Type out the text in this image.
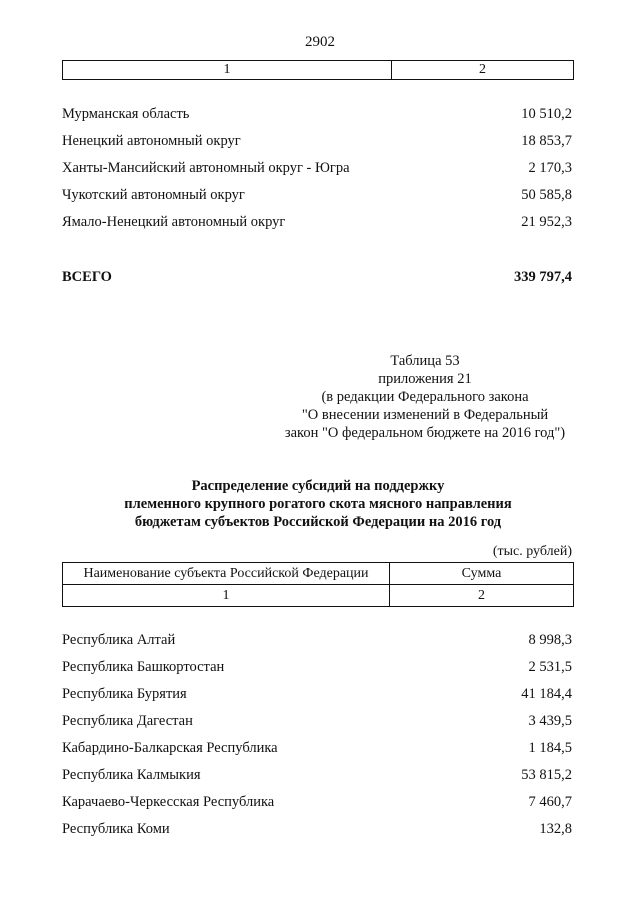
2902
1	2
Мурманская область	10 510,2
Ненецкий автономный округ	18 853,7
Ханты-Мансийский автономный округ - Югра	2 170,3
Чукотский автономный округ	50 585,8
Ямало-Ненецкий автономный округ	21 952,3
ВСЕГО	339 797,4
Таблица 53
приложения 21
(в редакции Федерального закона
"О внесении изменений в Федеральный
закон "О федеральном бюджете на 2016 год")
Распределение субсидий на поддержку
племенного крупного рогатого скота мясного направления
бюджетам субъектов Российской Федерации на 2016 год
(тыс. рублей)
Наименование субъекта Российской Федерации	Сумма
1	2
Республика Алтай	8 998,3
Республика Башкортостан	2 531,5
Республика Бурятия	41 184,4
Республика Дагестан	3 439,5
Кабардино-Балкарская Республика	1 184,5
Республика Калмыкия	53 815,2
Карачаево-Черкесская Республика	7 460,7
Республика Коми	132,8
